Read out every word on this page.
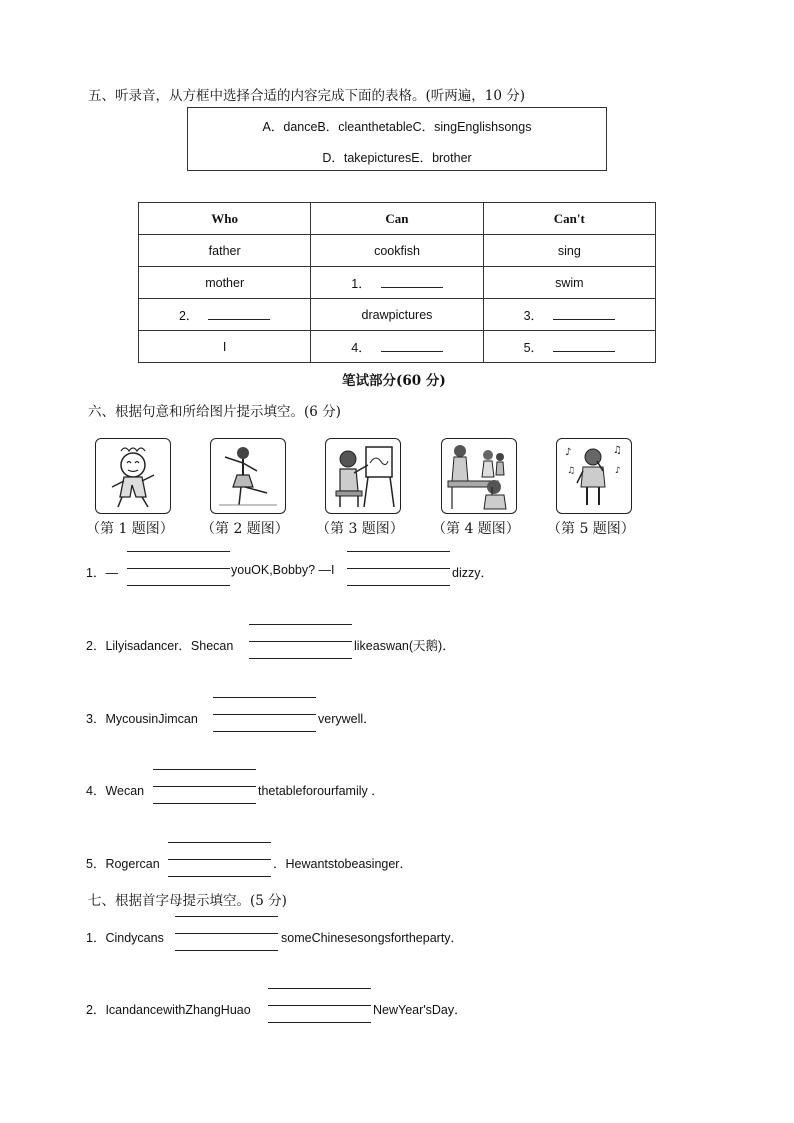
五、听录音，从方框中选择合适的内容完成下面的表格。(听两遍，10 分)
A．danceB．cleanthetableC．singEnglishsongs
D．takepicturesE．brother
Who	Can	Can't
father	cookfish	sing
mother	1．	swim
2．	drawpictures	3．
I	4．	5．
笔试部分(60 分)
六、根据句意和所给图片提示填空。(6 分)
♪	♫
♪
♫
（第 1 题图） （第 2 题图） （第 3 题图） （第 4 题图） （第 5 题图）
1．—	youOK,Bobby? —I	dizzy．
2．Lilyisadancer．Shecan	likeaswan(天鹅)．
3．MycousinJimcan	verywell．
4．Wecan	thetableforourfamily ．
5．Rogercan	．Hewantstobeasinger．
七、根据首字母提示填空。(5 分)
1．Cindycans	someChinesesongsfortheparty．
2．IcandancewithZhangHuao	NewYear'sDay．
